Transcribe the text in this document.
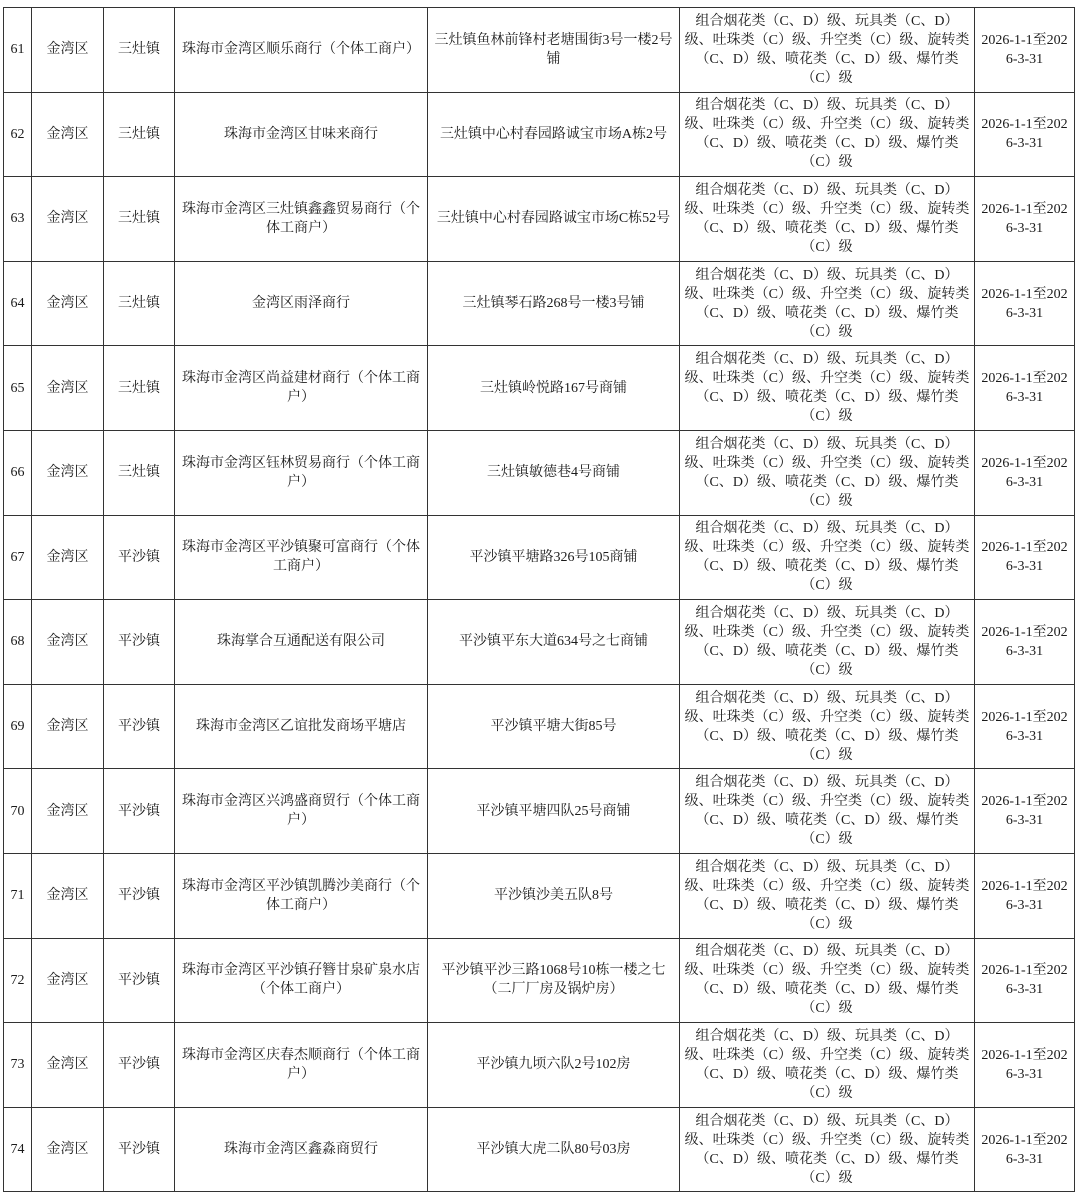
61	金湾区	三灶镇	珠海市金湾区顺乐商行（个体工商户）	三灶镇鱼林前锋村老塘围街3号一楼2号铺	组合烟花类（C、D）级、玩具类（C、D）级、吐珠类（C）级、升空类（C）级、旋转类（C、D）级、喷花类（C、D）级、爆竹类（C）级	2026-1-1至2026-3-31
62	金湾区	三灶镇	珠海市金湾区甘味来商行	三灶镇中心村春园路诚宝市场A栋2号	组合烟花类（C、D）级、玩具类（C、D）级、吐珠类（C）级、升空类（C）级、旋转类（C、D）级、喷花类（C、D）级、爆竹类（C）级	2026-1-1至2026-3-31
63	金湾区	三灶镇	珠海市金湾区三灶镇鑫鑫贸易商行（个体工商户）	三灶镇中心村春园路诚宝市场C栋52号	组合烟花类（C、D）级、玩具类（C、D）级、吐珠类（C）级、升空类（C）级、旋转类（C、D）级、喷花类（C、D）级、爆竹类（C）级	2026-1-1至2026-3-31
64	金湾区	三灶镇	金湾区雨泽商行	三灶镇琴石路268号一楼3号铺	组合烟花类（C、D）级、玩具类（C、D）级、吐珠类（C）级、升空类（C）级、旋转类（C、D）级、喷花类（C、D）级、爆竹类（C）级	2026-1-1至2026-3-31
65	金湾区	三灶镇	珠海市金湾区尚益建材商行（个体工商户）	三灶镇岭悦路167号商铺	组合烟花类（C、D）级、玩具类（C、D）级、吐珠类（C）级、升空类（C）级、旋转类（C、D）级、喷花类（C、D）级、爆竹类（C）级	2026-1-1至2026-3-31
66	金湾区	三灶镇	珠海市金湾区钰林贸易商行（个体工商户）	三灶镇敏德巷4号商铺	组合烟花类（C、D）级、玩具类（C、D）级、吐珠类（C）级、升空类（C）级、旋转类（C、D）级、喷花类（C、D）级、爆竹类（C）级	2026-1-1至2026-3-31
67	金湾区	平沙镇	珠海市金湾区平沙镇聚可富商行（个体工商户）	平沙镇平塘路326号105商铺	组合烟花类（C、D）级、玩具类（C、D）级、吐珠类（C）级、升空类（C）级、旋转类（C、D）级、喷花类（C、D）级、爆竹类（C）级	2026-1-1至2026-3-31
68	金湾区	平沙镇	珠海掌合互通配送有限公司	平沙镇平东大道634号之七商铺	组合烟花类（C、D）级、玩具类（C、D）级、吐珠类（C）级、升空类（C）级、旋转类（C、D）级、喷花类（C、D）级、爆竹类（C）级	2026-1-1至2026-3-31
69	金湾区	平沙镇	珠海市金湾区乙谊批发商场平塘店	平沙镇平塘大街85号	组合烟花类（C、D）级、玩具类（C、D）级、吐珠类（C）级、升空类（C）级、旋转类（C、D）级、喷花类（C、D）级、爆竹类（C）级	2026-1-1至2026-3-31
70	金湾区	平沙镇	珠海市金湾区兴鸿盛商贸行（个体工商户）	平沙镇平塘四队25号商铺	组合烟花类（C、D）级、玩具类（C、D）级、吐珠类（C）级、升空类（C）级、旋转类（C、D）级、喷花类（C、D）级、爆竹类（C）级	2026-1-1至2026-3-31
71	金湾区	平沙镇	珠海市金湾区平沙镇凯腾沙美商行（个体工商户）	平沙镇沙美五队8号	组合烟花类（C、D）级、玩具类（C、D）级、吐珠类（C）级、升空类（C）级、旋转类（C、D）级、喷花类（C、D）级、爆竹类（C）级	2026-1-1至2026-3-31
72	金湾区	平沙镇	珠海市金湾区平沙镇孖簪甘泉矿泉水店（个体工商户）	平沙镇平沙三路1068号10栋一楼之七（二厂厂房及锅炉房）	组合烟花类（C、D）级、玩具类（C、D）级、吐珠类（C）级、升空类（C）级、旋转类（C、D）级、喷花类（C、D）级、爆竹类（C）级	2026-1-1至2026-3-31
73	金湾区	平沙镇	珠海市金湾区庆春杰顺商行（个体工商户）	平沙镇九顷六队2号102房	组合烟花类（C、D）级、玩具类（C、D）级、吐珠类（C）级、升空类（C）级、旋转类（C、D）级、喷花类（C、D）级、爆竹类（C）级	2026-1-1至2026-3-31
74	金湾区	平沙镇	珠海市金湾区鑫淼商贸行	平沙镇大虎二队80号03房	组合烟花类（C、D）级、玩具类（C、D）级、吐珠类（C）级、升空类（C）级、旋转类（C、D）级、喷花类（C、D）级、爆竹类（C）级	2026-1-1至2026-3-31
